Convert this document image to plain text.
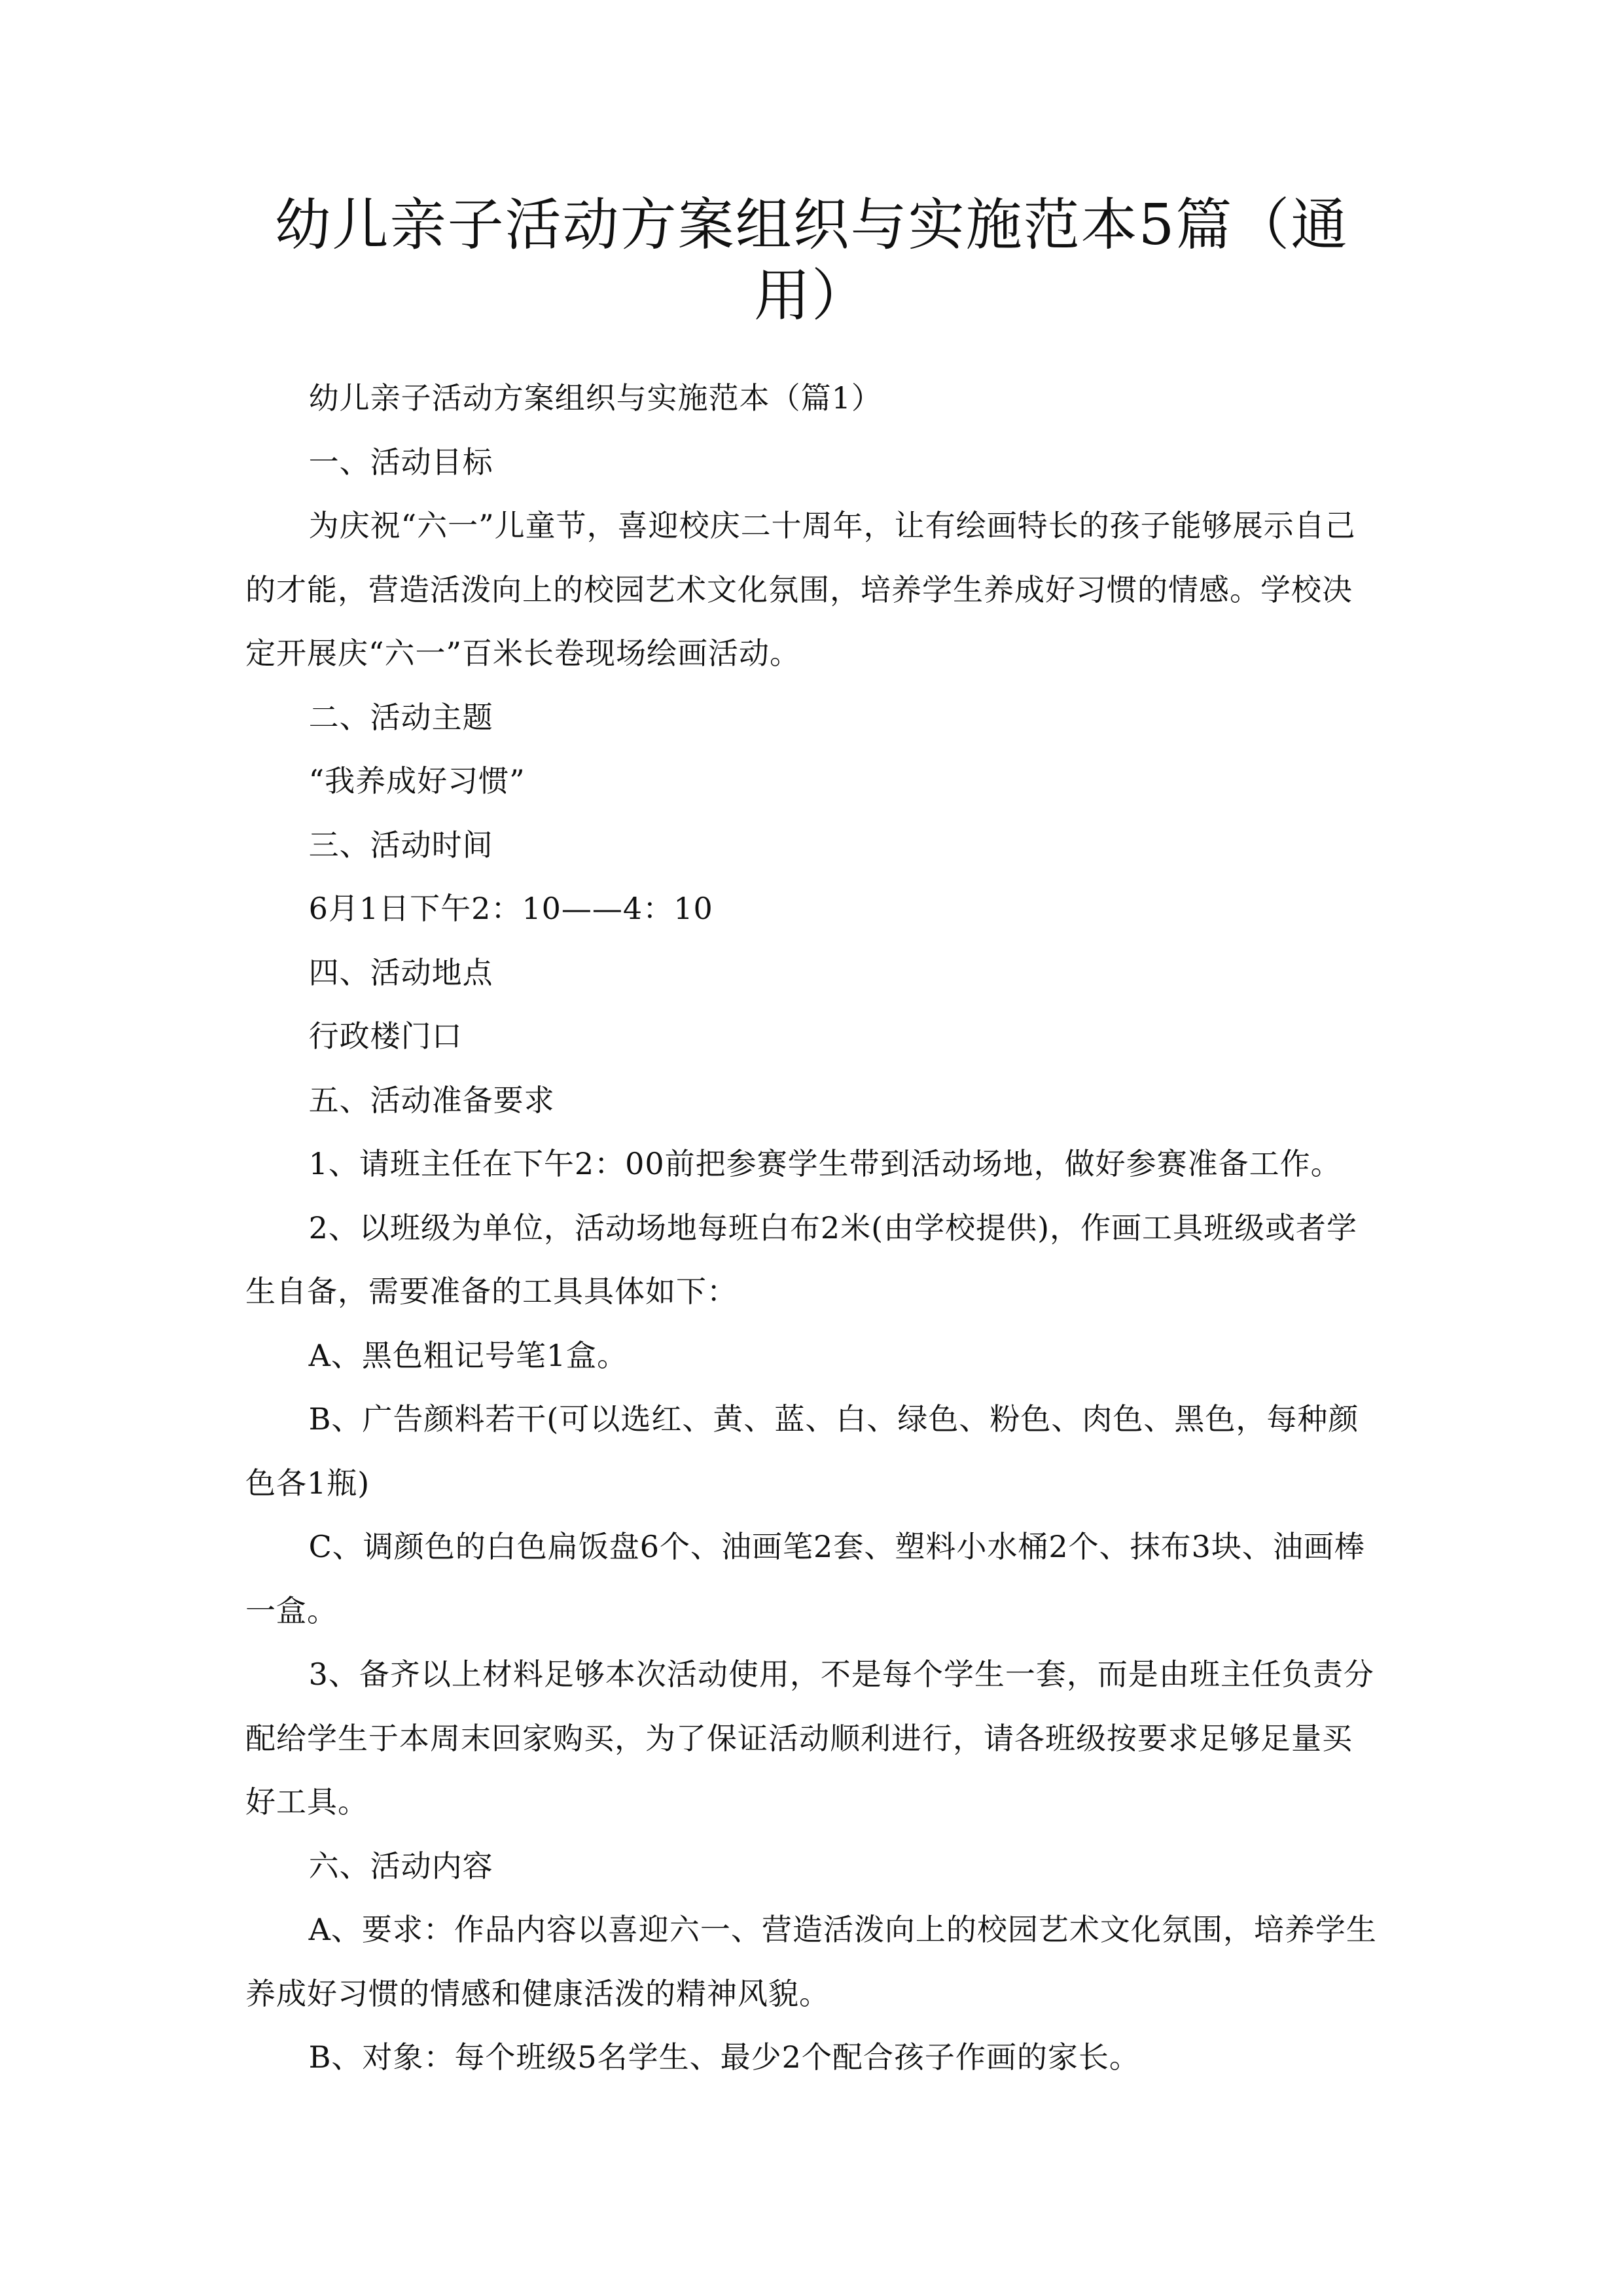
幼儿亲子活动方案组织与实施范本5篇（通用）

幼儿亲子活动方案组织与实施范本（篇1）

一、活动目标

为庆祝“六一”儿童节，喜迎校庆二十周年，让有绘画特长的孩子能够展示自己的才能，营造活泼向上的校园艺术文化氛围，培养学生养成好习惯的情感。学校决定开展庆“六一”百米长卷现场绘画活动。

二、活动主题

“我养成好习惯”

三、活动时间

6月1日下午2：10——4：10

四、活动地点

行政楼门口

五、活动准备要求

1、请班主任在下午2：00前把参赛学生带到活动场地，做好参赛准备工作。

2、以班级为单位，活动场地每班白布2米(由学校提供)，作画工具班级或者学生自备，需要准备的工具具体如下：

A、黑色粗记号笔1盒。

B、广告颜料若干(可以选红、黄、蓝、白、绿色、粉色、肉色、黑色，每种颜色各1瓶)

C、调颜色的白色扁饭盘6个、油画笔2套、塑料小水桶2个、抹布3块、油画棒一盒。

3、备齐以上材料足够本次活动使用，不是每个学生一套，而是由班主任负责分配给学生于本周末回家购买，为了保证活动顺利进行，请各班级按要求足够足量买好工具。

六、活动内容

A、要求：作品内容以喜迎六一、营造活泼向上的校园艺术文化氛围，培养学生养成好习惯的情感和健康活泼的精神风貌。

B、对象：每个班级5名学生、最少2个配合孩子作画的家长。
